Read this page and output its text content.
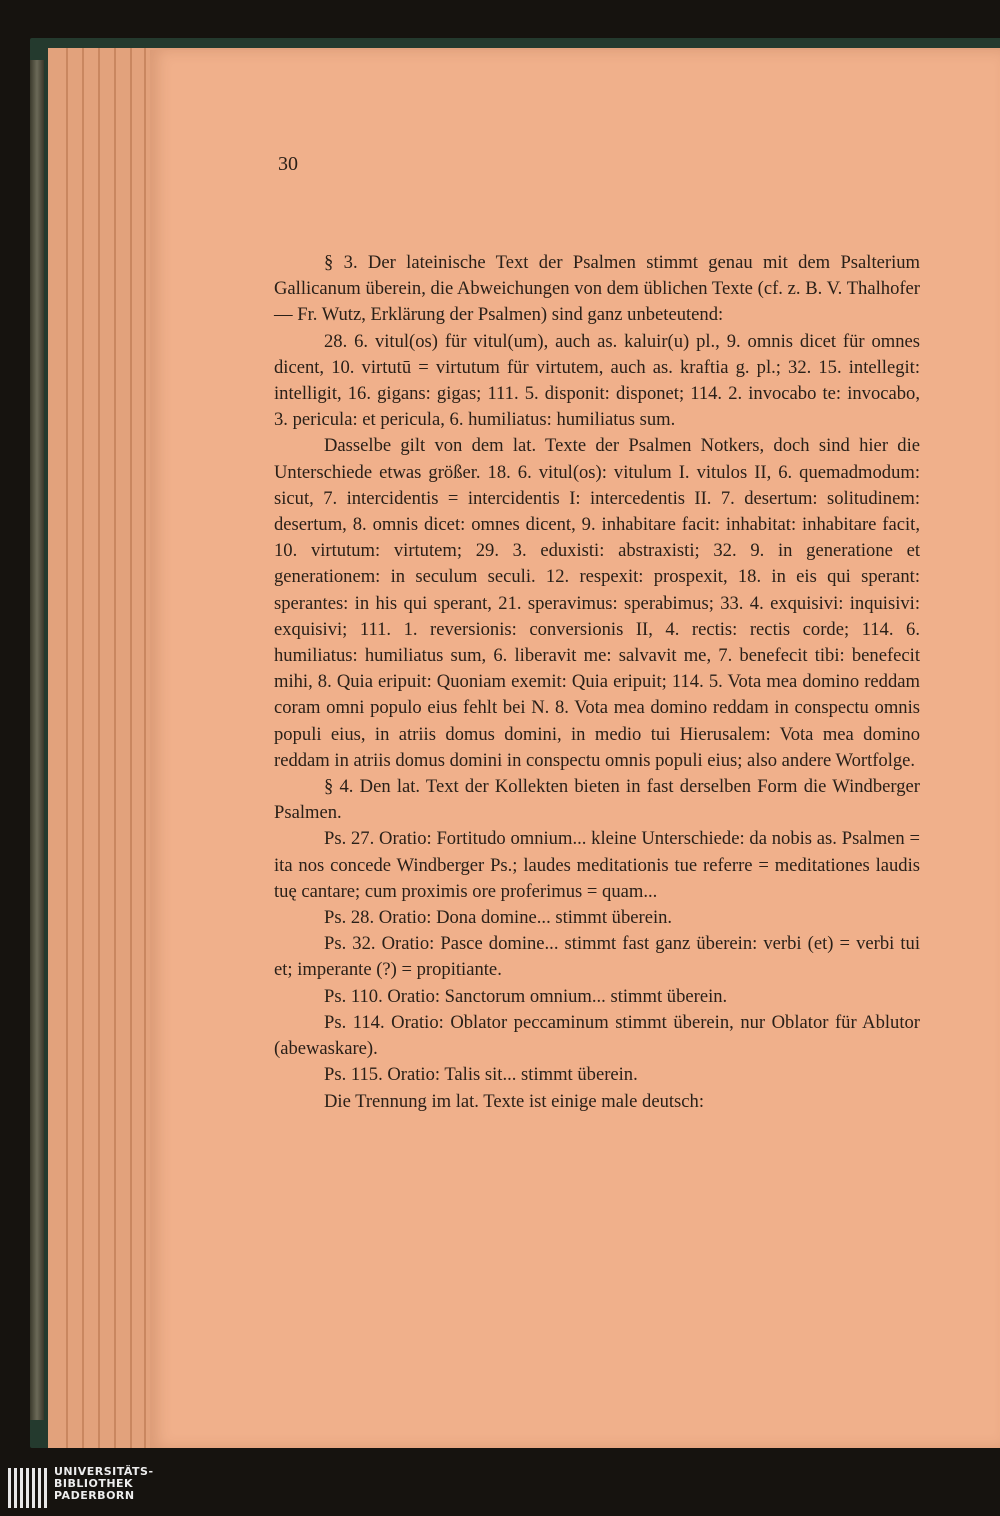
30

§ 3. Der lateinische Text der Psalmen stimmt genau mit dem Psalterium Gallicanum überein, die Abweichungen von dem üblichen Texte (cf. z. B. V. Thalhofer — Fr. Wutz, Erklärung der Psalmen) sind ganz unbeteutend:

28. 6. vitul(os) für vitul(um), auch as. kaluir(u) pl., 9. omnis dicet für omnes dicent, 10. virtutū = virtutum für virtutem, auch as. kraftia g. pl.; 32. 15. intellegit: intelligit, 16. gigans: gigas; 111. 5. disponit: disponet; 114. 2. invocabo te: invocabo, 3. pericula: et pericula, 6. humiliatus: humiliatus sum.

Dasselbe gilt von dem lat. Texte der Psalmen Notkers, doch sind hier die Unterschiede etwas größer. 18. 6. vitul(os): vitulum I. vitulos II, 6. quemadmodum: sicut, 7. intercidentis = intercidentis I: intercedentis II. 7. desertum: solitudinem: desertum, 8. omnis dicet: omnes dicent, 9. inhabitare facit: inhabitat: inhabitare facit, 10. virtutum: virtutem; 29. 3. eduxisti: abstraxisti; 32. 9. in generatione et generationem: in seculum seculi. 12. respexit: prospexit, 18. in eis qui sperant: sperantes: in his qui sperant, 21. speravimus: sperabimus; 33. 4. exquisivi: inquisivi: exquisivi; 111. 1. reversionis: conversionis II, 4. rectis: rectis corde; 114. 6. humiliatus: humiliatus sum, 6. liberavit me: salvavit me, 7. benefecit tibi: benefecit mihi, 8. Quia eripuit: Quoniam exemit: Quia eripuit; 114. 5. Vota mea domino reddam coram omni populo eius fehlt bei N. 8. Vota mea domino reddam in conspectu omnis populi eius, in atriis domus domini, in medio tui Hierusalem: Vota mea domino reddam in atriis domus domini in conspectu omnis populi eius; also andere Wortfolge.

§ 4. Den lat. Text der Kollekten bieten in fast derselben Form die Windberger Psalmen.

Ps. 27. Oratio: Fortitudo omnium... kleine Unterschiede: da nobis as. Psalmen = ita nos concede Windberger Ps.; laudes meditationis tue referre = meditationes laudis tuę cantare; cum proximis ore proferimus = quam...

Ps. 28. Oratio: Dona domine... stimmt überein.

Ps. 32. Oratio: Pasce domine... stimmt fast ganz überein: verbi (et) = verbi tui et; imperante (?) = propitiante.

Ps. 110. Oratio: Sanctorum omnium... stimmt überein.

Ps. 114. Oratio: Oblator peccaminum stimmt überein, nur Oblator für Ablutor (abewaskare).

Ps. 115. Oratio: Talis sit... stimmt überein.

Die Trennung im lat. Texte ist einige male deutsch:

UNIVERSITÄTS-
BIBLIOTHEK
PADERBORN
